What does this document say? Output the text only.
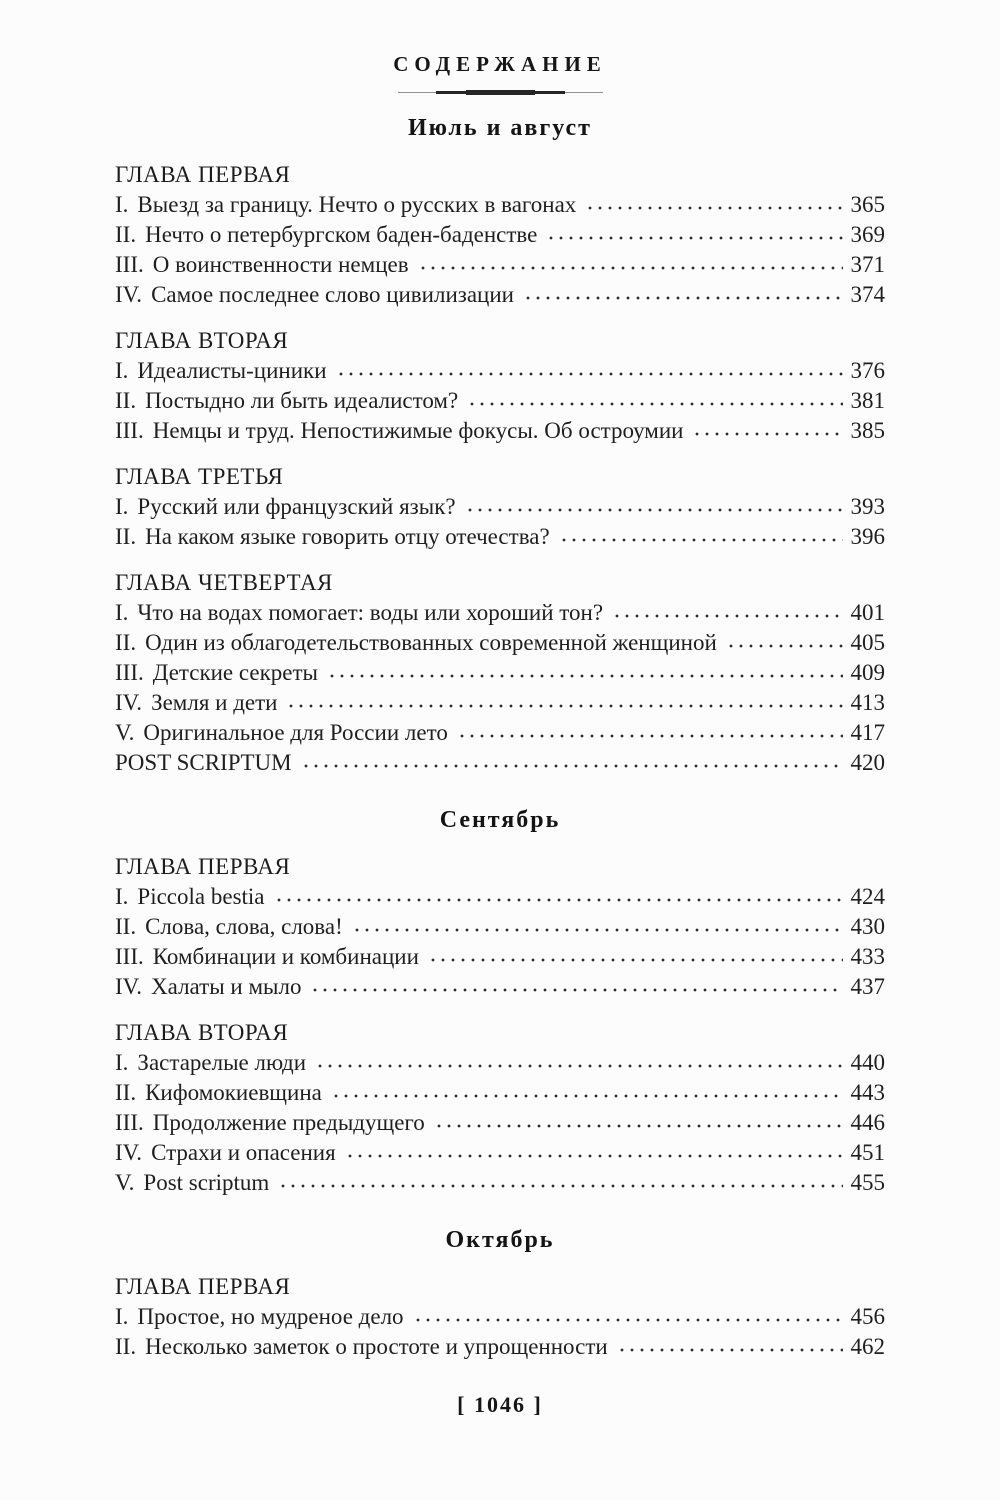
СОДЕРЖАНИЕ
Июль и август
ГЛАВА ПЕРВАЯ
I. Выезд за границу. Нечто о русских в вагонах	365
II. Нечто о петербургском баден-баденстве	369
III. О воинственности немцев	371
IV. Самое последнее слово цивилизации	374
ГЛАВА ВТОРАЯ
I. Идеалисты-циники	376
II. Постыдно ли быть идеалистом?	381
III. Немцы и труд. Непостижимые фокусы. Об остроумии	385
ГЛАВА ТРЕТЬЯ
I. Русский или французский язык?	393
II. На каком языке говорить отцу отечества?	396
ГЛАВА ЧЕТВЕРТАЯ
I. Что на водах помогает: воды или хороший тон?	401
II. Один из облагодетельствованных современной женщиной	405
III. Детские секреты	409
IV. Земля и дети	413
V. Оригинальное для России лето	417
POST SCRIPTUM	420
Сентябрь
ГЛАВА ПЕРВАЯ
I. Piccola bestia	424
II. Слова, слова, слова!	430
III. Комбинации и комбинации	433
IV. Халаты и мыло	437
ГЛАВА ВТОРАЯ
I. Застарелые люди	440
II. Кифомокиевщина	443
III. Продолжение предыдущего	446
IV. Страхи и опасения	451
V. Post scriptum	455
Октябрь
ГЛАВА ПЕРВАЯ
I. Простое, но мудреное дело	456
II. Несколько заметок о простоте и упрощенности	462
[ 1046 ]
